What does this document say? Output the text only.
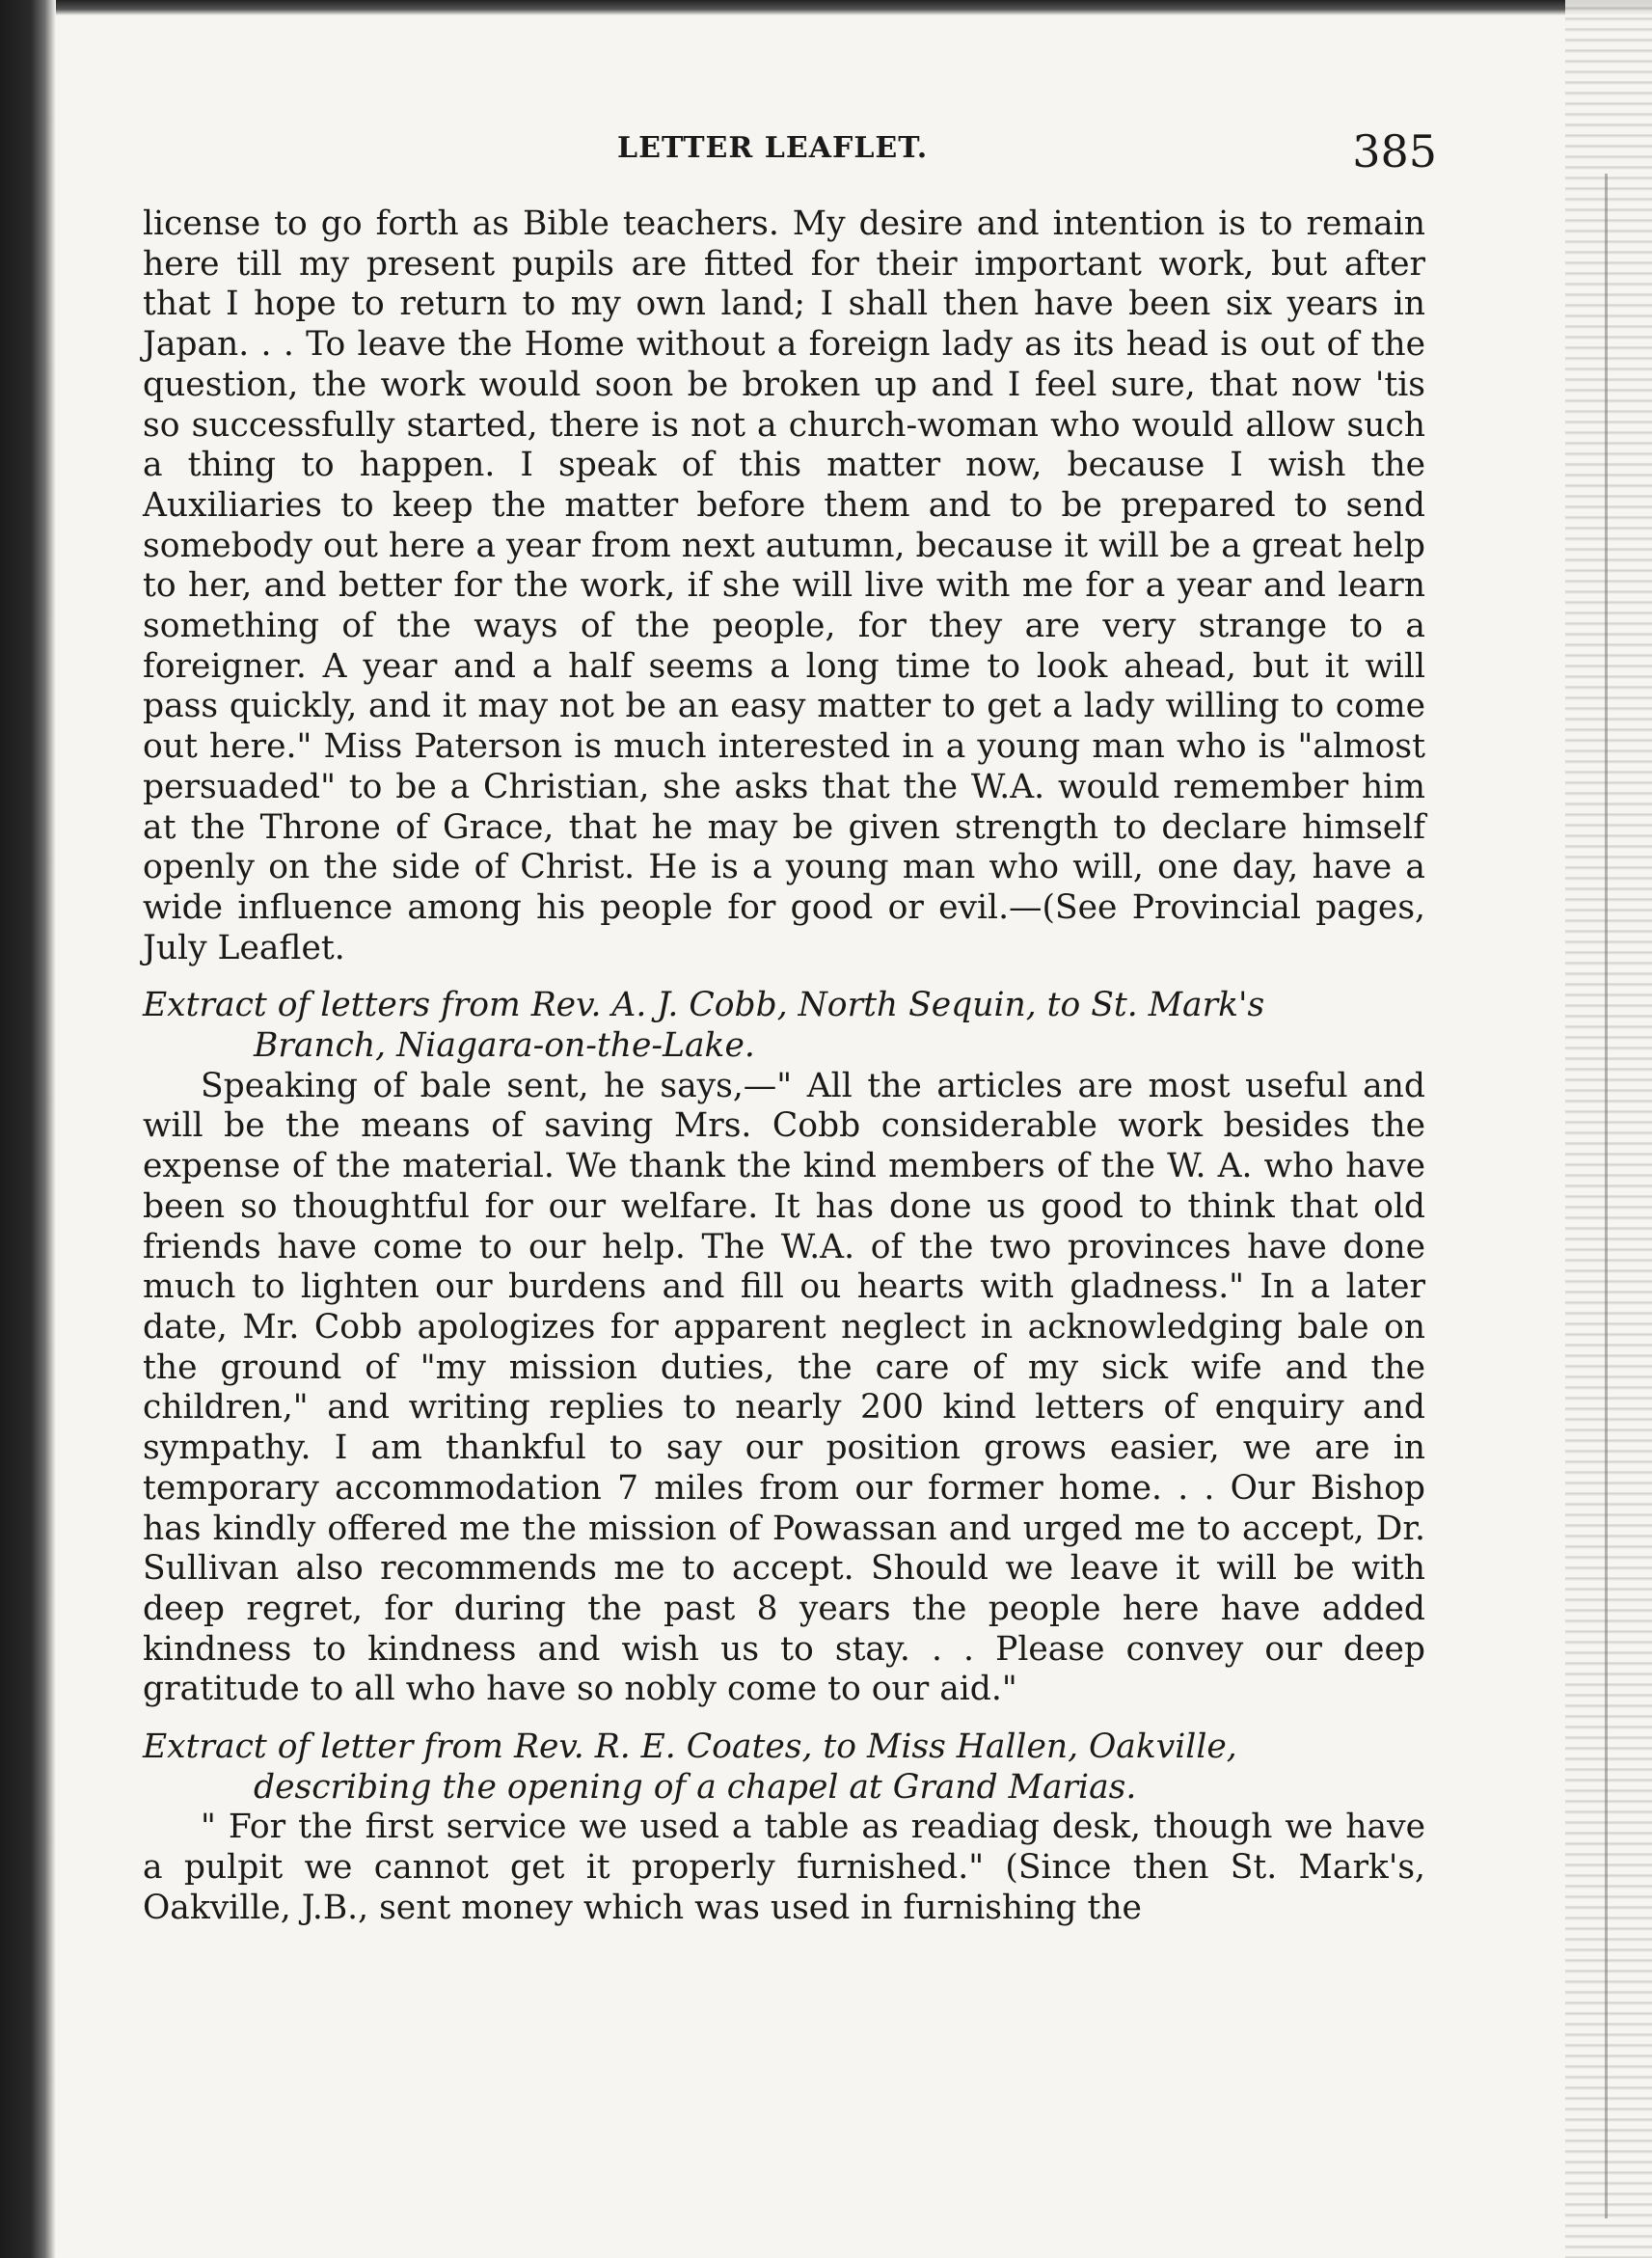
LETTER LEAFLET.	385

license to go forth as Bible teachers. My desire and intention is to remain here till my present pupils are fitted for their important work, but after that I hope to return to my own land; I shall then have been six years in Japan. . . To leave the Home without a foreign lady as its head is out of the question, the work would soon be broken up and I feel sure, that now 'tis so successfully started, there is not a church-woman who would allow such a thing to happen. I speak of this matter now, because I wish the Auxiliaries to keep the matter before them and to be prepared to send somebody out here a year from next autumn, because it will be a great help to her, and better for the work, if she will live with me for a year and learn something of the ways of the people, for they are very strange to a foreigner. A year and a half seems a long time to look ahead, but it will pass quickly, and it may not be an easy matter to get a lady willing to come out here." Miss Paterson is much interested in a young man who is "almost persuaded" to be a Christian, she asks that the W.A. would remember him at the Throne of Grace, that he may be given strength to declare himself openly on the side of Christ. He is a young man who will, one day, have a wide influence among his people for good or evil.—(See Provincial pages, July Leaflet.

Extract of letters from Rev. A. J. Cobb, North Sequin, to St. Mark's
Branch, Niagara-on-the-Lake.

Speaking of bale sent, he says,—" All the articles are most useful and will be the means of saving Mrs. Cobb considerable work besides the expense of the material. We thank the kind members of the W. A. who have been so thoughtful for our welfare. It has done us good to think that old friends have come to our help. The W.A. of the two provinces have done much to lighten our burdens and fill ou hearts with gladness." In a later date, Mr. Cobb apologizes for apparent neglect in acknowledging bale on the ground of "my mission duties, the care of my sick wife and the children," and writing replies to nearly 200 kind letters of enquiry and sympathy. I am thankful to say our position grows easier, we are in temporary accommodation 7 miles from our former home. . . Our Bishop has kindly offered me the mission of Powassan and urged me to accept, Dr. Sullivan also recommends me to accept. Should we leave it will be with deep regret, for during the past 8 years the people here have added kindness to kindness and wish us to stay. . . Please convey our deep gratitude to all who have so nobly come to our aid."

Extract of letter from Rev. R. E. Coates, to Miss Hallen, Oakville,
describing the opening of a chapel at Grand Marias.

" For the first service we used a table as readiag desk, though we have a pulpit we cannot get it properly furnished." (Since then St. Mark's, Oakville, J.B., sent money which was used in furnishing the
